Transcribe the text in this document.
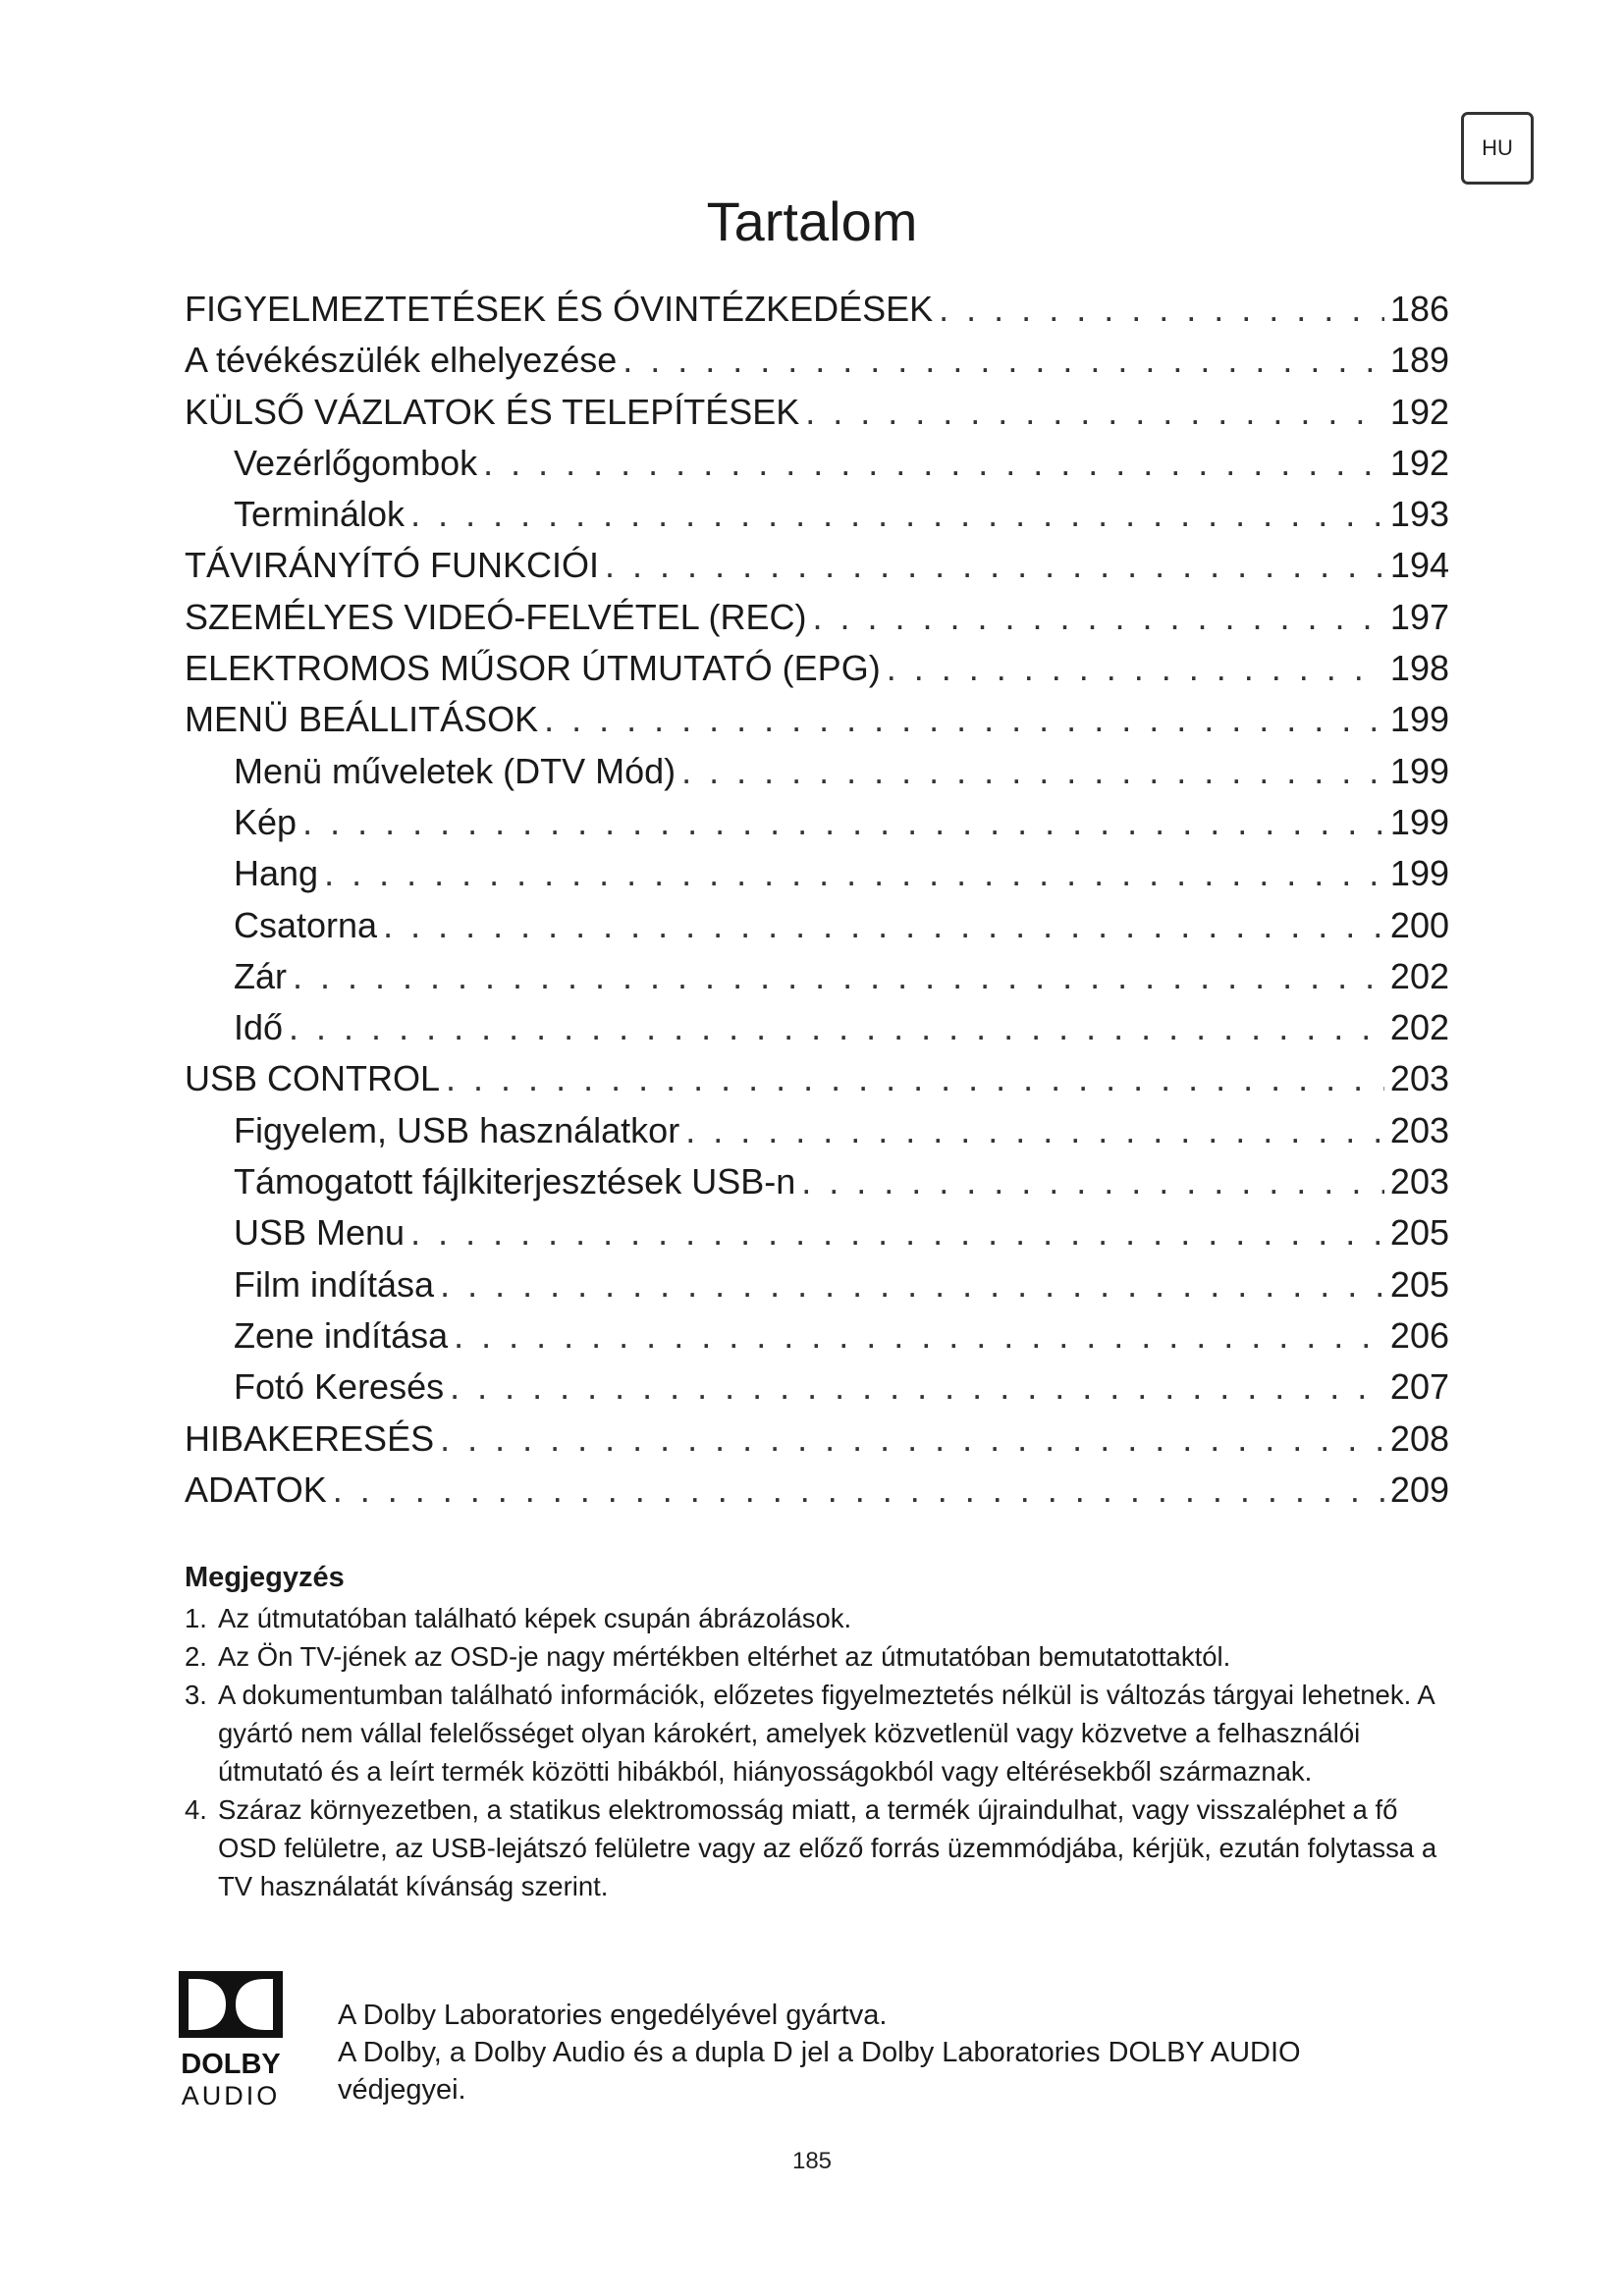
HU
Tartalom
FIGYELMEZTETÉSEK ÉS ÓVINTÉZKEDÉSEK . . .	186
A tévékészülék elhelyezése . . .	189
KÜLSŐ VÁZLATOK ÉS TELEPÍTÉSEK . . .	192
Vezérlőgombok . . .	192
Terminálok . . .	193
TÁVIRÁNYÍTÓ FUNKCIÓI . . .	194
SZEMÉLYES VIDEÓ-FELVÉTEL (REC) . . .	197
ELEKTROMOS MŰSOR ÚTMUTATÓ (EPG) . . .	198
MENÜ BEÁLLITÁSOK . . .	199
Menü műveletek (DTV Mód) . . .	199
Kép . . .	199
Hang . . .	199
Csatorna . . .	200
Zár . . .	202
Idő . . .	202
USB CONTROL . . .	203
Figyelem, USB használatkor . . .	203
Támogatott fájlkiterjesztések USB-n . . .	203
USB Menu . . .	205
Film indítása . . .	205
Zene indítása . . .	206
Fotó Keresés . . .	207
HIBAKERESÉS . . .	208
ADATOK . . .	209
Megjegyzés
1. Az útmutatóban található képek csupán ábrázolások.
2. Az Ön TV-jének az OSD-je nagy mértékben eltérhet az útmutatóban bemutatottaktól.
3. A dokumentumban található információk, előzetes figyelmeztetés nélkül is változás tárgyai lehetnek. A gyártó nem vállal felelősséget olyan károkért, amelyek közvetlenül vagy közvetve a felhasználói útmutató és a leírt termék közötti hibákból, hiányosságokból vagy eltérésekből származnak.
4. Száraz környezetben, a statikus elektromosság miatt, a termék újraindulhat, vagy visszaléphet a fő OSD felületre, az USB-lejátszó felületre vagy az előző forrás üzemmódjába, kérjük, ezután folytassa a TV használatát kívánság szerint.
DOLBY
AUDIO
A Dolby Laboratories engedélyével gyártva.
A Dolby, a Dolby Audio és a dupla D jel a Dolby Laboratories DOLBY AUDIO
védjegyei.
185
